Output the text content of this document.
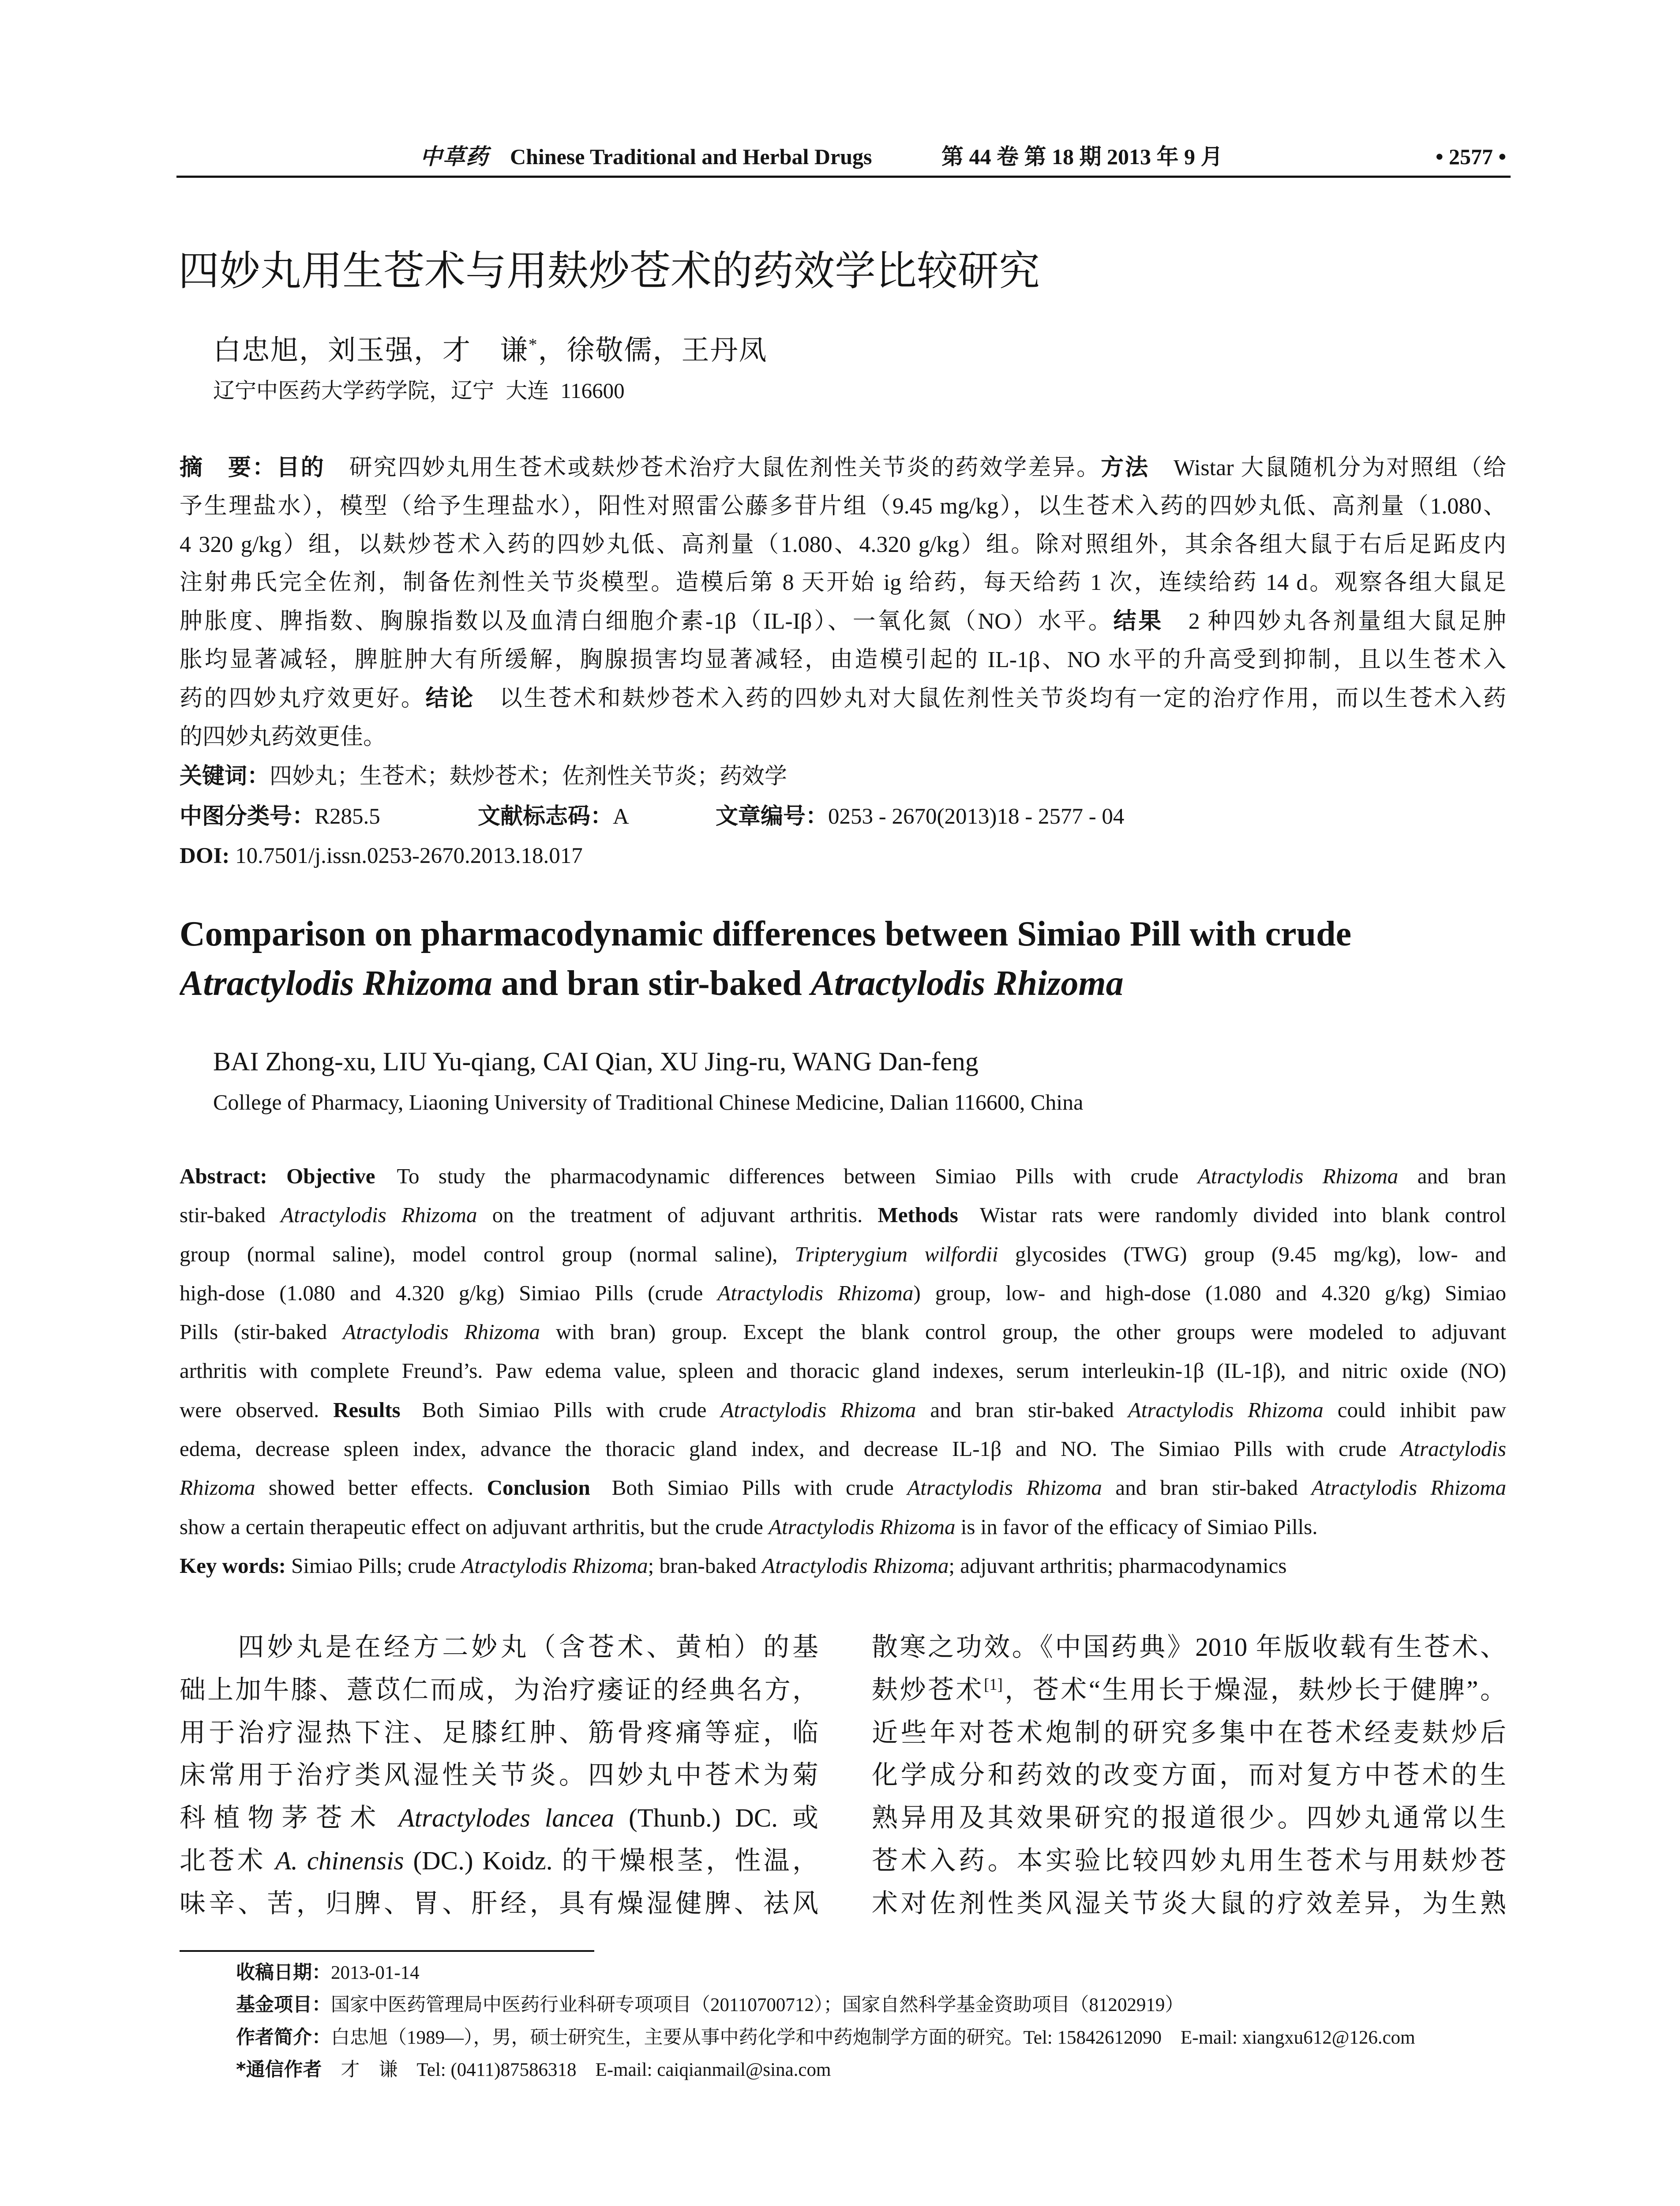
中草药 Chinese Traditional and Herbal Drugs	第 44 卷 第 18 期 2013 年 9 月	• 2577 •
四妙丸用生苍术与用麸炒苍术的药效学比较研究
白忠旭，刘玉强，才　谦*，徐敬儒，王丹凤
辽宁中医药大学药学院，辽宁 大连 116600
摘　要：目的　研究四妙丸用生苍术或麸炒苍术治疗大鼠佐剂性关节炎的药效学差异。方法　Wistar 大鼠随机分为对照组（给
予生理盐水），模型（给予生理盐水），阳性对照雷公藤多苷片组（9.45 mg/kg），以生苍术入药的四妙丸低、高剂量（1.080、
4 320 g/kg）组，以麸炒苍术入药的四妙丸低、高剂量（1.080、4.320 g/kg）组。除对照组外，其余各组大鼠于右后足跖皮内
注射弗氏完全佐剂，制备佐剂性关节炎模型。造模后第 8 天开始 ig 给药，每天给药 1 次，连续给药 14 d。观察各组大鼠足
肿胀度、脾指数、胸腺指数以及血清白细胞介素-1β（IL-Iβ）、一氧化氮（NO）水平。结果　2 种四妙丸各剂量组大鼠足肿
胀均显著减轻，脾脏肿大有所缓解，胸腺损害均显著减轻，由造模引起的 IL-1β、NO 水平的升高受到抑制，且以生苍术入
药的四妙丸疗效更好。结论　以生苍术和麸炒苍术入药的四妙丸对大鼠佐剂性关节炎均有一定的治疗作用，而以生苍术入药
的四妙丸药效更佳。
关键词：四妙丸；生苍术；麸炒苍术；佐剂性关节炎；药效学
中图分类号：R285.5	文献标志码：A	文章编号：0253 - 2670(2013)18 - 2577 - 04
DOI: 10.7501/j.issn.0253-2670.2013.18.017
Comparison on pharmacodynamic differences between Simiao Pill with crude
Atractylodis Rhizoma and bran stir-baked Atractylodis Rhizoma
BAI Zhong-xu, LIU Yu-qiang, CAI Qian, XU Jing-ru, WANG Dan-feng
College of Pharmacy, Liaoning University of Traditional Chinese Medicine, Dalian 116600, China
Abstract: Objective To study the pharmacodynamic differences between Simiao Pills with crude Atractylodis Rhizoma and bran
stir-baked Atractylodis Rhizoma on the treatment of adjuvant arthritis. Methods Wistar rats were randomly divided into blank control
group (normal saline), model control group (normal saline), Tripterygium wilfordii glycosides (TWG) group (9.45 mg/kg), low- and
high-dose (1.080 and 4.320 g/kg) Simiao Pills (crude Atractylodis Rhizoma) group, low- and high-dose (1.080 and 4.320 g/kg) Simiao
Pills (stir-baked Atractylodis Rhizoma with bran) group. Except the blank control group, the other groups were modeled to adjuvant
arthritis with complete Freund’s. Paw edema value, spleen and thoracic gland indexes, serum interleukin-1β (IL-1β), and nitric oxide (NO)
were observed. Results Both Simiao Pills with crude Atractylodis Rhizoma and bran stir-baked Atractylodis Rhizoma could inhibit paw
edema, decrease spleen index, advance the thoracic gland index, and decrease IL-1β and NO. The Simiao Pills with crude Atractylodis
Rhizoma showed better effects. Conclusion Both Simiao Pills with crude Atractylodis Rhizoma and bran stir-baked Atractylodis Rhizoma
show a certain therapeutic effect on adjuvant arthritis, but the crude Atractylodis Rhizoma is in favor of the efficacy of Simiao Pills.
Key words: Simiao Pills; crude Atractylodis Rhizoma; bran-baked Atractylodis Rhizoma; adjuvant arthritis; pharmacodynamics
　　四妙丸是在经方二妙丸（含苍术、黄柏）的基
础上加牛膝、薏苡仁而成，为治疗痿证的经典名方，
用于治疗湿热下注、足膝红肿、筋骨疼痛等症，临
床常用于治疗类风湿性关节炎。四妙丸中苍术为菊
科植物茅苍术 Atractylodes lancea (Thunb.) DC. 或
北苍术 A. chinensis (DC.) Koidz. 的干燥根茎，性温，
味辛、苦，归脾、胃、肝经，具有燥湿健脾、祛风
散寒之功效。《中国药典》2010 年版收载有生苍术、
麸炒苍术[1]，苍术“生用长于燥湿，麸炒长于健脾”。
近些年对苍术炮制的研究多集中在苍术经麦麸炒后
化学成分和药效的改变方面，而对复方中苍术的生
熟异用及其效果研究的报道很少。四妙丸通常以生
苍术入药。本实验比较四妙丸用生苍术与用麸炒苍
术对佐剂性类风湿关节炎大鼠的疗效差异，为生熟
收稿日期：2013-01-14
基金项目：国家中医药管理局中医药行业科研专项项目（20110700712）；国家自然科学基金资助项目（81202919）
作者简介：白忠旭（1989—），男，硕士研究生，主要从事中药化学和中药炮制学方面的研究。Tel: 15842612090　E-mail: xiangxu612@126.com
*通信作者　才　谦　Tel: (0411)87586318　E-mail: caiqianmail@sina.com
